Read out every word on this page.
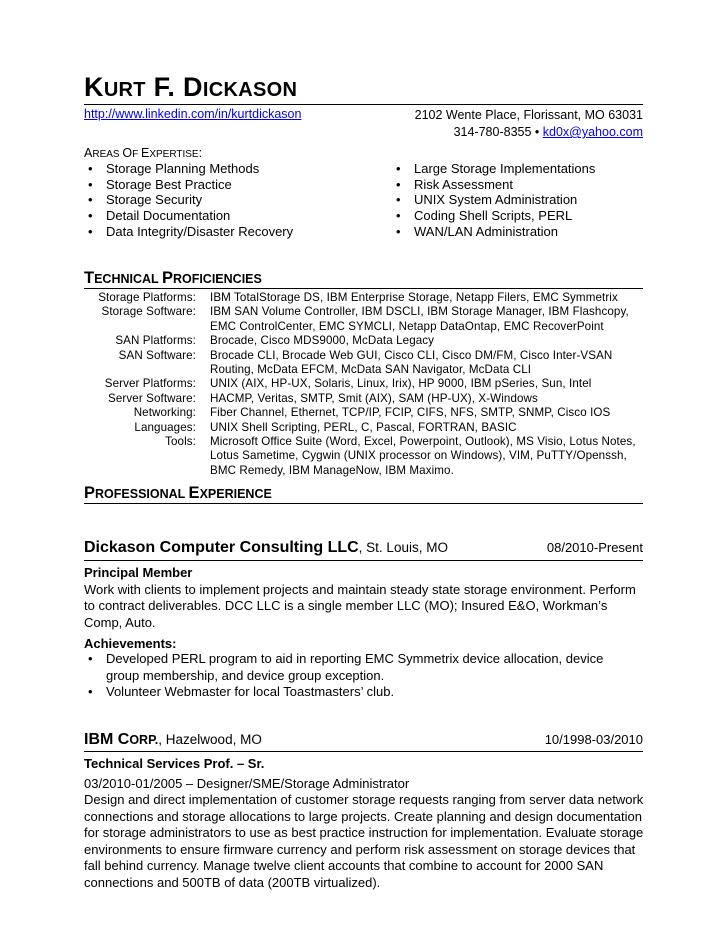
KURT F. DICKASON
http://www.linkedin.com/in/kurtdickason	2102 Wente Place, Florissant, MO 63031
314-780-8355 • kd0x@yahoo.com
AREAS OF EXPERTISE:
• Storage Planning Methods
• Storage Best Practice
• Storage Security
• Detail Documentation
• Data Integrity/Disaster Recovery
• Large Storage Implementations
• Risk Assessment
• UNIX System Administration
• Coding Shell Scripts, PERL
• WAN/LAN Administration
TECHNICAL PROFICIENCIES
Storage Platforms:	IBM TotalStorage DS, IBM Enterprise Storage, Netapp Filers, EMC Symmetrix
Storage Software:	IBM SAN Volume Controller, IBM DSCLI, IBM Storage Manager, IBM Flashcopy, EMC ControlCenter, EMC SYMCLI, Netapp DataOntap, EMC RecoverPoint
SAN Platforms:	Brocade, Cisco MDS9000, McData Legacy
SAN Software:	Brocade CLI, Brocade Web GUI, Cisco CLI, Cisco DM/FM, Cisco Inter-VSAN Routing, McData EFCM, McData SAN Navigator, McData CLI
Server Platforms:	UNIX (AIX, HP-UX, Solaris, Linux, Irix), HP 9000, IBM pSeries, Sun, Intel
Server Software:	HACMP, Veritas, SMTP, Smit (AIX), SAM (HP-UX), X-Windows
Networking:	Fiber Channel, Ethernet, TCP/IP, FCIP, CIFS, NFS, SMTP, SNMP, Cisco IOS
Languages:	UNIX Shell Scripting, PERL, C, Pascal, FORTRAN, BASIC
Tools:	Microsoft Office Suite (Word, Excel, Powerpoint, Outlook), MS Visio, Lotus Notes, Lotus Sametime, Cygwin (UNIX processor on Windows), VIM, PuTTY/Openssh, BMC Remedy, IBM ManageNow, IBM Maximo.
PROFESSIONAL EXPERIENCE
Dickason Computer Consulting LLC, St. Louis, MO	08/2010-Present
Principal Member
Work with clients to implement projects and maintain steady state storage environment. Perform to contract deliverables. DCC LLC is a single member LLC (MO); Insured E&O, Workman’s Comp, Auto.
Achievements:
• Developed PERL program to aid in reporting EMC Symmetrix device allocation, device group membership, and device group exception.
• Volunteer Webmaster for local Toastmasters’ club.
IBM CORP., Hazelwood, MO	10/1998-03/2010
Technical Services Prof. – Sr.
03/2010-01/2005 – Designer/SME/Storage Administrator
Design and direct implementation of customer storage requests ranging from server data network connections and storage allocations to large projects. Create planning and design documentation for storage administrators to use as best practice instruction for implementation. Evaluate storage environments to ensure firmware currency and perform risk assessment on storage devices that fall behind currency. Manage twelve client accounts that combine to account for 2000 SAN connections and 500TB of data (200TB virtualized).
